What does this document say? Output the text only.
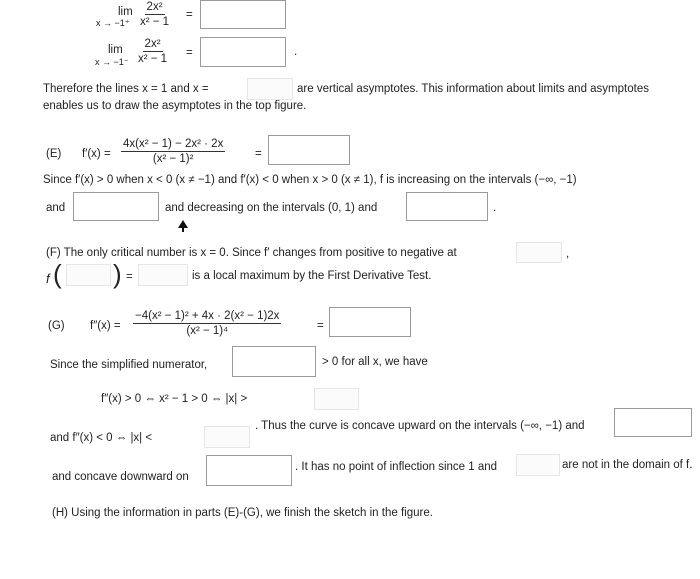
lim
$x \to -1^+ \frac{\text{2x²}}{\text{x² − 1}}$ =
lim
$x \to -1^- \frac{\text{2x²}}{\text{x² − 1}}$ =	.
Therefore the lines x = 1 and x =	are vertical asymptotes. This information about limits and asymptotes
enables us to draw the asymptotes in the top figure.
(E) $f'(x) = \frac{\text{4x(x² − 1) − 2x² · 2x}}{\text{(x² − 1)²}}$	=
Since f′(x) > 0 when x < 0 (x ≠ −1) and f′(x) < 0 when x > 0 (x ≠ 1), f is increasing on the intervals (−∞, −1)
and	and decreasing on the intervals (0, 1) and	.
(F) The only critical number is x = 0. Since f′ changes from positive to negative at	,
f ( ) =	is a local maximum by the First Derivative Test.
(G) $f''(x) = \frac{\text{−4(x² − 1)² + 4x · 2(x² − 1)2x}}{\text{(x² − 1)⁴}}$	=
Since the simplified numerator,	> 0 for all x, we have
f″(x) > 0 ⇔ x² − 1 > 0 ⇔ |x| >
and f″(x) < 0 ⇔ |x| <
. Thus the curve is concave upward on the intervals (−∞, −1) and
and concave downward on
. It has no point of inflection since 1 and	are not in the domain of f.
(H) Using the information in parts (E)-(G), we finish the sketch in the figure.
